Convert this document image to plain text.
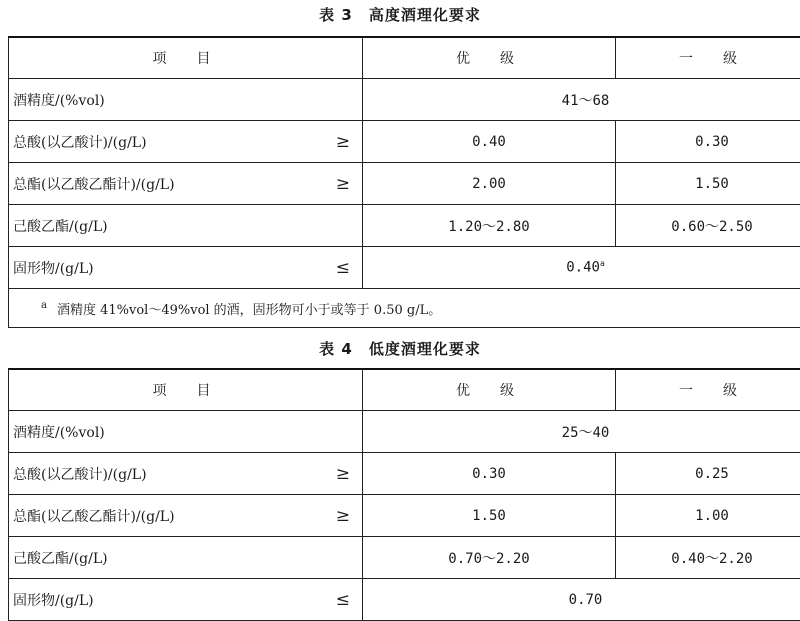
表 3　高度酒理化要求
项　目	优　级	一　级

酒精度/(%vol)	41～68	

总酸(以乙酸计)/(g/L) ≥	0.40	0.30

总酯(以乙酸乙酯计)/(g/L) ≥	2.00	1.50

己酸乙酯/(g/L)	1.20～2.80	0.60～2.50

固形物/(g/L) ≤	0.40$^a$
$^a$ 酒精度 41%vol～49%vol 的酒，固形物可小于或等于 0.50 g/L。		
表 4　低度酒理化要求
项　目	优　级	一　级

酒精度/(%vol)	25～40	

总酸(以乙酸计)/(g/L) ≥	0.30	0.25

总酯(以乙酸乙酯计)/(g/L) ≥	1.50	1.00

己酸乙酯/(g/L)	0.70～2.20	0.40～2.20

固形物/(g/L) ≤	0.70	
